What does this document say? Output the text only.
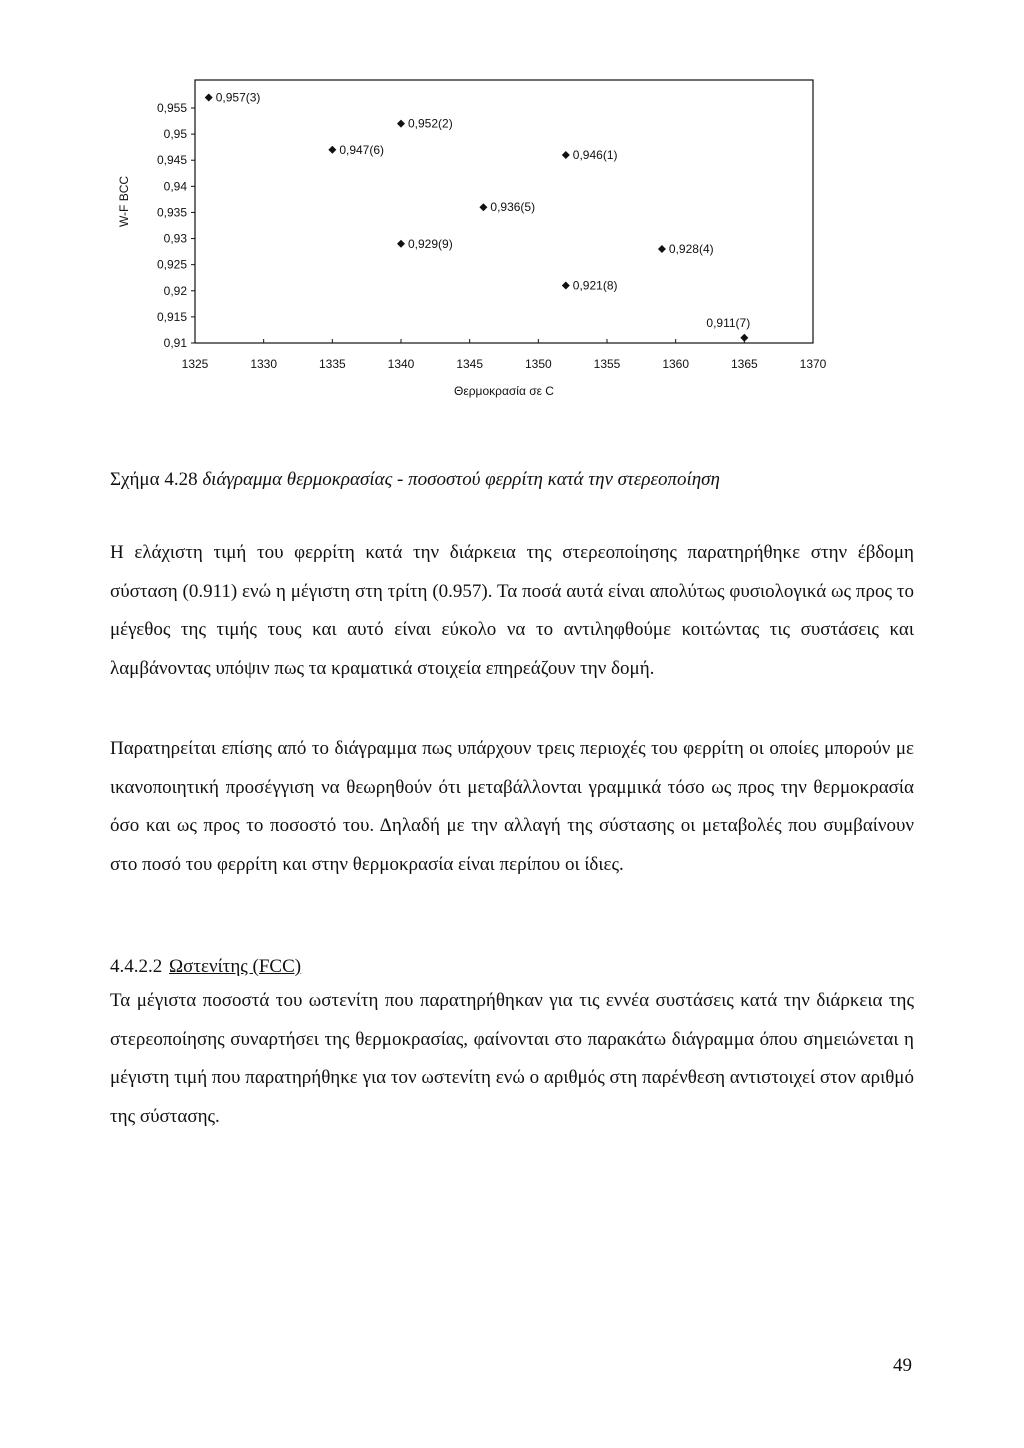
0,91
0,915
0,92
0,925
0,93
0,935
0,94
0,945
0,95
0,955
1325	1330	1335	1340	1345	1350	1355	1360	1365	1370
Θερμοκρασία σε C
W-F BCC
0,957(3)
0,947(6)
0,952(2)
0,929(9)
0,936(5)
0,946(1)
0,921(8)
0,928(4)
0,911(7)

Σχήμα 4.28 διάγραμμα θερμοκρασίας - ποσοστού φερρίτη κατά την στερεοποίηση

Η ελάχιστη τιμή του φερρίτη κατά την διάρκεια της στερεοποίησης παρατηρήθηκε στην έβδομη σύσταση (0.911) ενώ η μέγιστη στη τρίτη (0.957). Τα ποσά αυτά είναι απολύτως φυσιολογικά ως προς το μέγεθος της τιμής τους και αυτό είναι εύκολο να το αντιληφθούμε κοιτώντας τις συστάσεις και λαμβάνοντας υπόψιν πως τα κραματικά στοιχεία επηρεάζουν την δομή.

Παρατηρείται επίσης από το διάγραμμα πως υπάρχουν τρεις περιοχές του φερρίτη οι οποίες μπορούν με ικανοποιητική προσέγγιση να θεωρηθούν ότι μεταβάλλονται γραμμικά τόσο ως προς την θερμοκρασία όσο και ως προς το ποσοστό του. Δηλαδή με την αλλαγή της σύστασης οι μεταβολές που συμβαίνουν στο ποσό του φερρίτη και στην θερμοκρασία είναι περίπου οι ίδιες.

4.4.2.2 Ωστενίτης (FCC)

Τα μέγιστα ποσοστά του ωστενίτη που παρατηρήθηκαν για τις εννέα συστάσεις κατά την διάρκεια της στερεοποίησης συναρτήσει της θερμοκρασίας, φαίνονται στο παρακάτω διάγραμμα όπου σημειώνεται η μέγιστη τιμή που παρατηρήθηκε για τον ωστενίτη ενώ ο αριθμός στη παρένθεση αντιστοιχεί στον αριθμό της σύστασης.

49
